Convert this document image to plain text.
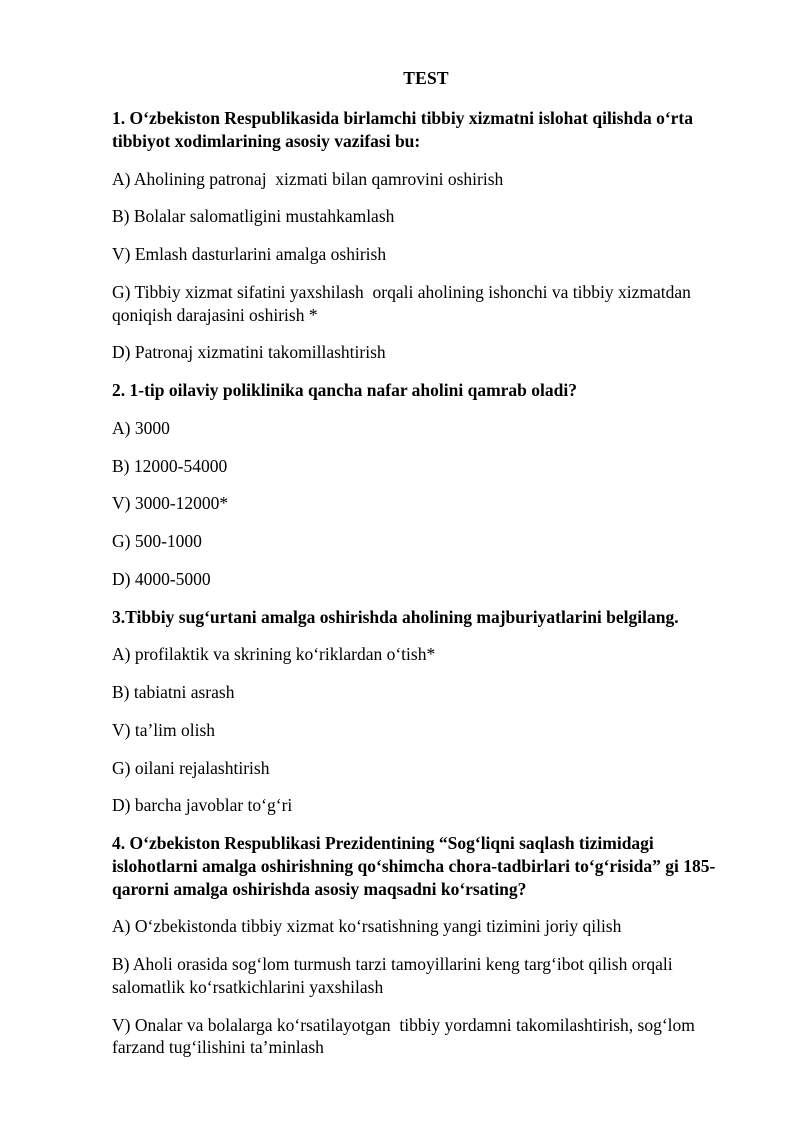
TEST
1. Oʻzbekiston Respublikasida birlamchi tibbiy xizmatni islohat qilishda oʻrta tibbiyot xodimlarining asosiy vazifasi bu:
A) Aholining patronaj  xizmati bilan qamrovini oshirish
B) Bolalar salomatligini mustahkamlash
V) Emlash dasturlarini amalga oshirish
G) Tibbiy xizmat sifatini yaxshilash  orqali aholining ishonchi va tibbiy xizmatdan qoniqish darajasini oshirish *
D) Patronaj xizmatini takomillashtirish
2. 1-tip oilaviy poliklinika qancha nafar aholini qamrab oladi?
A) 3000
B) 12000-54000
V) 3000-12000*
G) 500-1000
D) 4000-5000
3.Tibbiy sugʻurtani amalga oshirishda aholining majburiyatlarini belgilang.
A) profilaktik va skrining koʻriklardan oʻtish*
B) tabiatni asrash
V) ta’lim olish
G) oilani rejalashtirish
D) barcha javoblar toʻgʻri
4. Oʻzbekiston Respublikasi Prezidentining “Sogʻliqni saqlash tizimidagi islohotlarni amalga oshirishning qoʻshimcha chora-tadbirlari toʻgʻrisida” gi 185-qarorni amalga oshirishda asosiy maqsadni koʻrsating?
A) Oʻzbekistonda tibbiy xizmat koʻrsatishning yangi tizimini joriy qilish
B) Aholi orasida sogʻlom turmush tarzi tamoyillarini keng targʻibot qilish orqali salomatlik koʻrsatkichlarini yaxshilash
V) Onalar va bolalarga koʻrsatilayotgan  tibbiy yordamni takomilashtirish, sogʻlom farzand tugʻilishini ta’minlash
